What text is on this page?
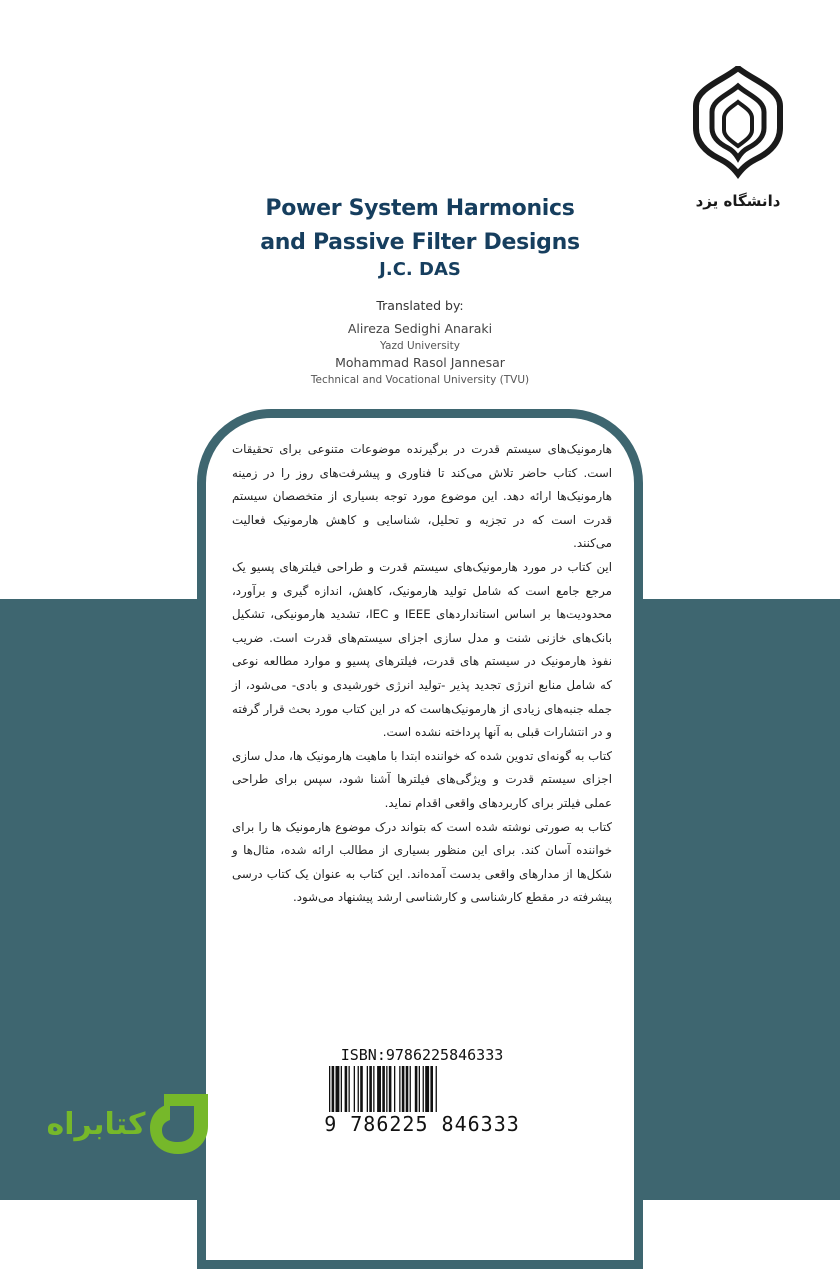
دانشگاه یزد
Power System Harmonics
and Passive Filter Designs

J.C. DAS

Translated by:
Alireza Sedighi Anaraki
Yazd University
Mohammad Rasol Jannesar
Technical and Vocational University (TVU)

هارمونیک‌های سیستم قدرت در برگیرنده موضوعات متنوعی برای تحقیقات است. کتاب حاضر تلاش می‌کند تا فناوری و پیشرفت‌های روز را در زمینه هارمونیک‌ها ارائه دهد. این موضوع مورد توجه بسیاری از متخصصان سیستم قدرت است که در تجزیه و تحلیل، شناسایی و کاهش هارمونیک فعالیت می‌کنند.

این کتاب در مورد هارمونیک‌های سیستم قدرت و طراحی فیلترهای پسیو یک مرجع جامع است که شامل تولید هارمونیک، کاهش، اندازه گیری و برآورد، محدودیت‌ها بر اساس استانداردهای IEEE و IEC، تشدید هارمونیکی، تشکیل بانک‌های خازنی شنت و مدل سازی اجزای سیستم‌های قدرت است. ضریب نفوذ هارمونیک در سیستم های قدرت، فیلترهای پسیو و موارد مطالعه نوعی که شامل منابع انرژی تجدید پذیر -تولید انرژی خورشیدی و بادی- می‌شود، از جمله جنبه‌های زیادی از هارمونیک‌هاست که در این کتاب مورد بحث قرار گرفته و در انتشارات قبلی به آنها پرداخته نشده است.

کتاب به گونه‌ای تدوین شده که خواننده ابتدا با ماهیت هارمونیک ها، مدل سازی اجزای سیستم قدرت و ویژگی‌های فیلترها آشنا شود، سپس برای طراحی عملی فیلتر برای کاربردهای واقعی اقدام نماید.

کتاب به صورتی نوشته شده است که بتواند درک موضوع هارمونیک ها را برای خواننده آسان کند. برای این منظور بسیاری از مطالب ارائه شده، مثال‌ها و شکل‌ها از مدارهای واقعی بدست آمده‌اند. این کتاب به عنوان یک کتاب درسی پیشرفته در مقطع کارشناسی و کارشناسی ارشد پیشنهاد می‌شود.

ISBN:9786225846333
9 786225 846333
کتابراه
